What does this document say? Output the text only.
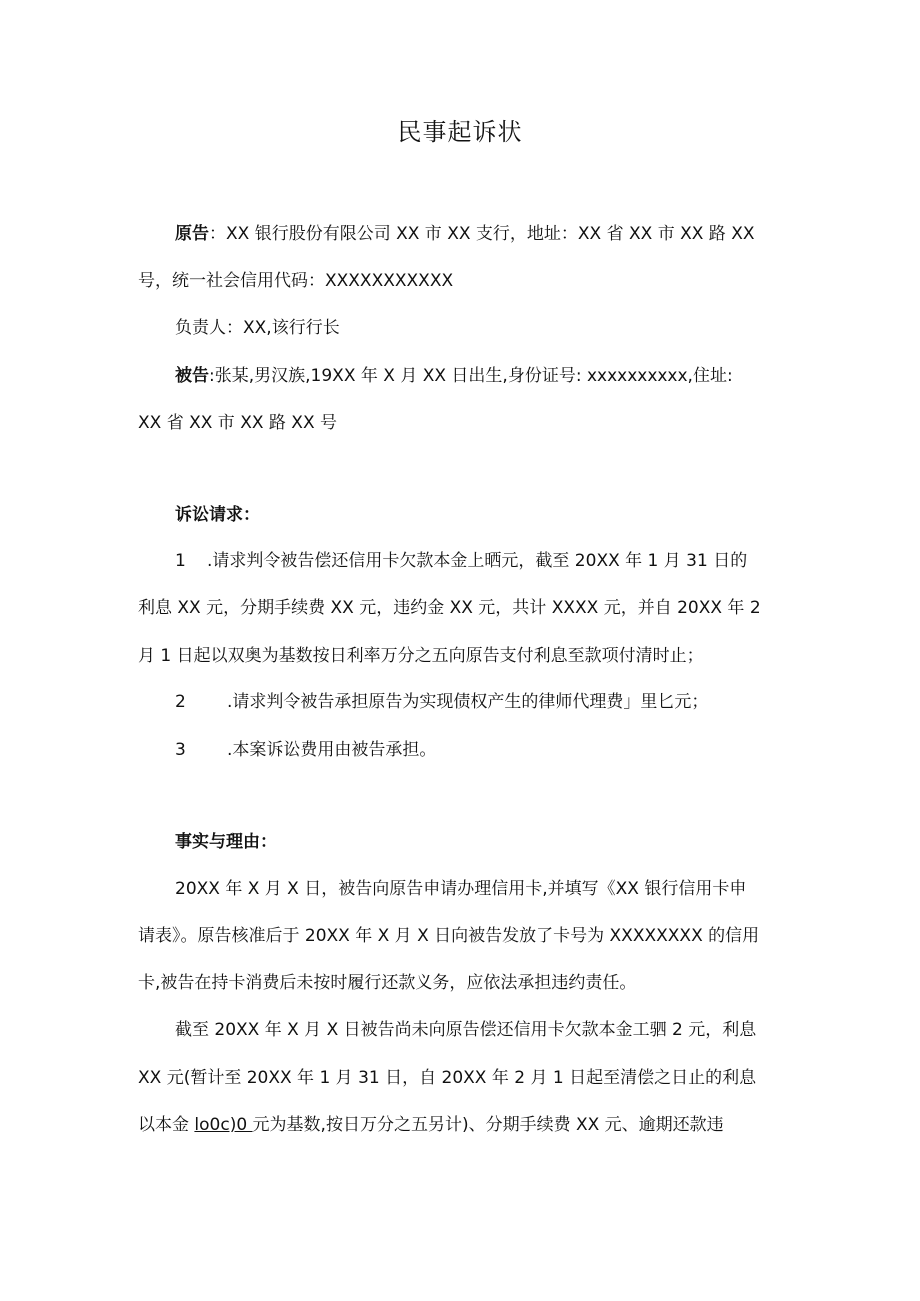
民事起诉状
原告：XX 银行股份有限公司 XX 市 XX 支行，地址：XX 省 XX 市 XX 路 XX
号，统一社会信用代码：XXXXXXXXXXX
负责人：XX,该行行长
被告:张某,男汉族,19XX 年 X 月 XX 日出生,身份证号: xxxxxxxxxx,住址:
XX 省 XX 市 XX 路 XX 号
诉讼请求：
1 .请求判令被告偿还信用卡欠款本金上晒元，截至 20XX 年 1 月 31 日的
利息 XX 元，分期手续费 XX 元，违约金 XX 元，共计 XXXX 元，并自 20XX 年 2
月 1 日起以双奥为基数按日利率万分之五向原告支付利息至款项付清时止；
2 .请求判令被告承担原告为实现债权产生的律师代理费」里匕元；
3 .本案诉讼费用由被告承担。
事实与理由：
20XX 年 X 月 X 日，被告向原告申请办理信用卡,并填写《XX 银行信用卡申
请表》。原告核准后于 20XX 年 X 月 X 日向被告发放了卡号为 XXXXXXXX 的信用
卡,被告在持卡消费后未按时履行还款义务，应依法承担违约责任。
截至 20XX 年 X 月 X 日被告尚未向原告偿还信用卡欠款本金工驷 2 元，利息
XX 元(暂计至 20XX 年 1 月 31 日，自 20XX 年 2 月 1 日起至清偿之日止的利息
以本金 lo0c)0 元为基数,按日万分之五另计)、分期手续费 XX 元、逾期还款违
